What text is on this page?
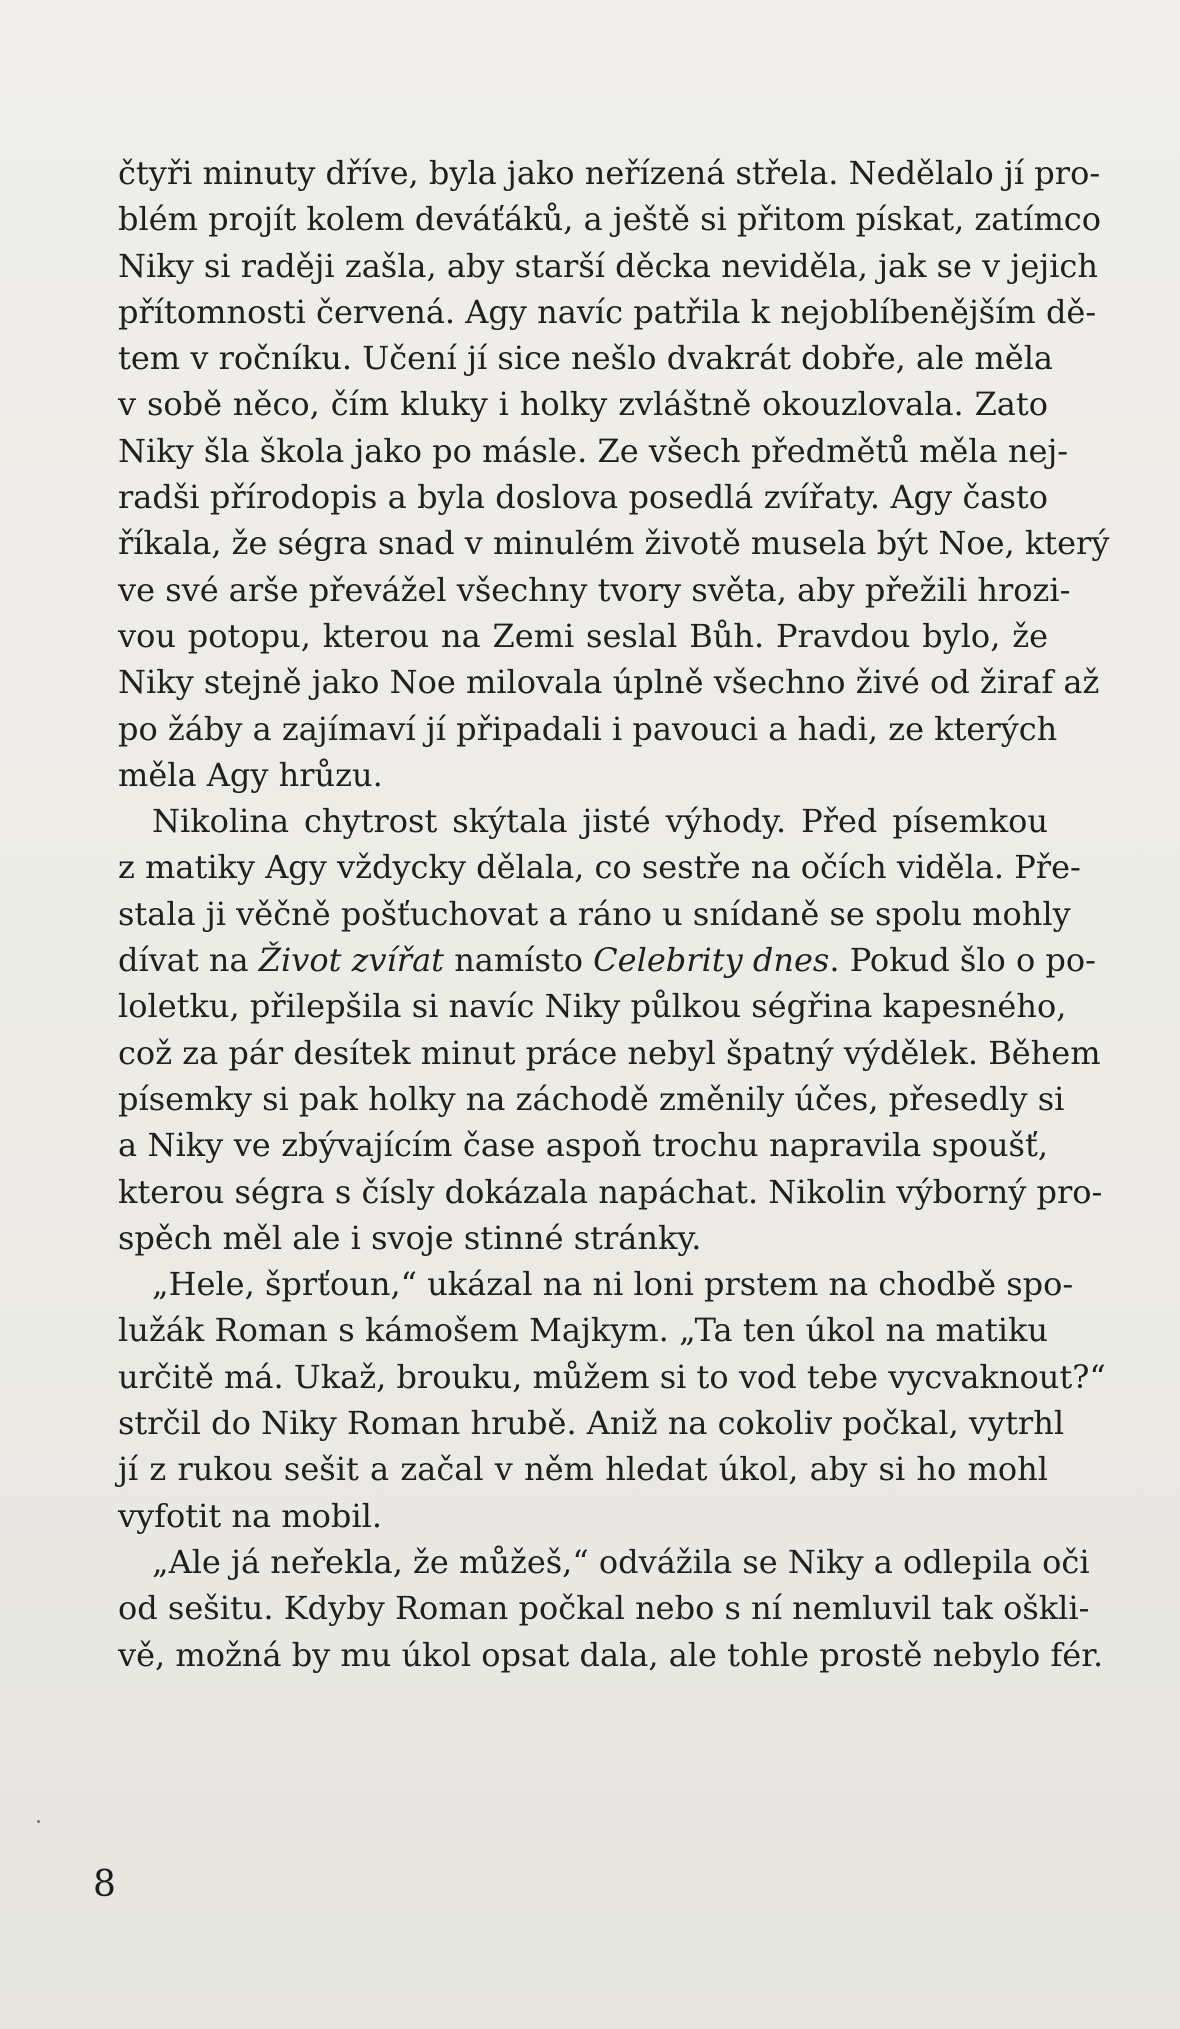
čtyři minuty dříve, byla jako neřízená střela. Nedělalo jí pro-
blém projít kolem deváťáků, a ještě si přitom pískat, zatímco
Niky si raději zašla, aby starší děcka neviděla, jak se v jejich
přítomnosti červená. Agy navíc patřila k nejoblíbenějším dě-
tem v ročníku. Učení jí sice nešlo dvakrát dobře, ale měla
v sobě něco, čím kluky i holky zvláštně okouzlovala. Zato
Niky šla škola jako po másle. Ze všech předmětů měla nej-
radši přírodopis a byla doslova posedlá zvířaty. Agy často
říkala, že ségra snad v minulém životě musela být Noe, který
ve své arše převážel všechny tvory světa, aby přežili hrozi-
vou potopu, kterou na Zemi seslal Bůh. Pravdou bylo, že
Niky stejně jako Noe milovala úplně všechno živé od žiraf až
po žáby a zajímaví jí připadali i pavouci a hadi, ze kterých
měla Agy hrůzu.
Nikolina chytrost skýtala jisté výhody. Před písemkou
z matiky Agy vždycky dělala, co sestře na očích viděla. Pře-
stala ji věčně pošťuchovat a ráno u snídaně se spolu mohly
dívat na Život zvířat namísto Celebrity dnes. Pokud šlo o po-
loletku, přilepšila si navíc Niky půlkou ségřina kapesného,
což za pár desítek minut práce nebyl špatný výdělek. Během
písemky si pak holky na záchodě změnily účes, přesedly si
a Niky ve zbývajícím čase aspoň trochu napravila spoušť,
kterou ségra s čísly dokázala napáchat. Nikolin výborný pro-
spěch měl ale i svoje stinné stránky.
„Hele, šprťoun,“ ukázal na ni loni prstem na chodbě spo-
lužák Roman s kámošem Majkym. „Ta ten úkol na matiku
určitě má. Ukaž, brouku, můžem si to vod tebe vycvaknout?“
strčil do Niky Roman hrubě. Aniž na cokoliv počkal, vytrhl
jí z rukou sešit a začal v něm hledat úkol, aby si ho mohl
vyfotit na mobil.
„Ale já neřekla, že můžeš,“ odvážila se Niky a odlepila oči
od sešitu. Kdyby Roman počkal nebo s ní nemluvil tak oškli-
vě, možná by mu úkol opsat dala, ale tohle prostě nebylo fér.
8
